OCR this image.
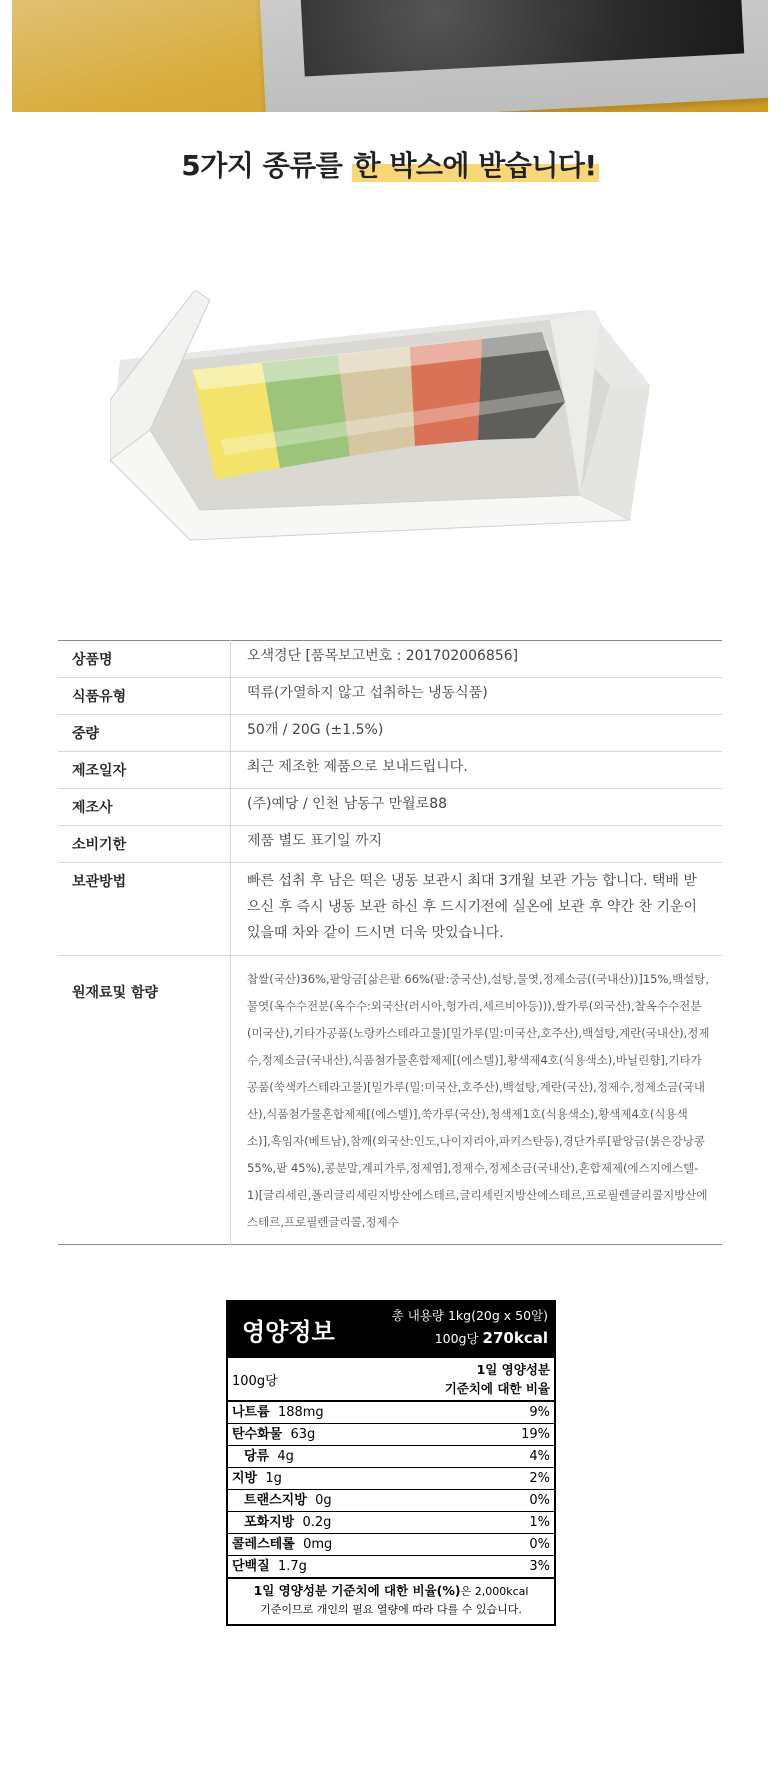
5가지 종류를 한 박스에 받습니다!
상품명	오색경단 [품목보고번호 : 201702006856]
식품유형	떡류(가열하지 않고 섭취하는 냉동식품)
중량	50개 / 20G (±1.5%)
제조일자	최근 제조한 제품으로 보내드립니다.
제조사	(주)예당 / 인천 남동구 만월로88
소비기한	제품 별도 표기일 까지
보관방법	빠른 섭취 후 남은 떡은 냉동 보관시 최대 3개월 보관 가능 합니다. 택배 받으신 후 즉시 냉동 보관 하신 후 드시기전에 실온에 보관 후 약간 찬 기운이 있을때 차와 같이 드시면 더욱 맛있습니다.
원재료및 함량	찹쌀(국산)36%,팥앙금[삶은팥 66%(팥:중국산),설탕,물엿,정제소금((국내산))]15%,백설탕,물엿(옥수수전분(옥수수:외국산(러시아,헝가리,세르비아등))),쌀가루(외국산),찰옥수수전분(미국산),기타가공품(노랑카스테라고물)[밀가루(밀:미국산,호주산),백설탕,계란(국내산),정제수,정제소금(국내산),식품첨가물혼합제제[(에스텔)],황색제4호(식용색소),바닐린향],기타가공품(쑥색카스테라고물)[밀가루(밀:미국산,호주산),백설탕,계란(국산),정제수,정제소금(국내산),식품첨가물혼합제제[(에스텔)],쑥가루(국산),청색제1호(식용색소),황색제4호(식용색소)],흑임자(베트남),참깨(외국산:인도,나이지리아,파키스탄등),경단가루[팥앙금(붉은강낭콩55%,팥 45%),콩분말,계피가루,정제염],정제수,정제소금(국내산),혼합제제(에스지에스텔-1)[글리세린,폴리글리세린지방산에스테르,글리세린지방산에스테르,프로필렌글리콜지방산에스테르,프로필렌글리콜,정제수
영양정보
총 내용량 1kg(20g x 50알)
100g당 270kcal
100g당
1일 영양성분
기준치에 대한 비율
나트륨 188mg	9%
탄수화물 63g	19%
당류 4g	4%
지방 1g	2%
트랜스지방 0g	0%
포화지방 0.2g	1%
콜레스테롤 0mg	0%
단백질 1.7g	3%
1일 영양성분 기준치에 대한 비율(%)은 2,000kcal
기준이므로 개인의 필요 열량에 따라 다를 수 있습니다.
